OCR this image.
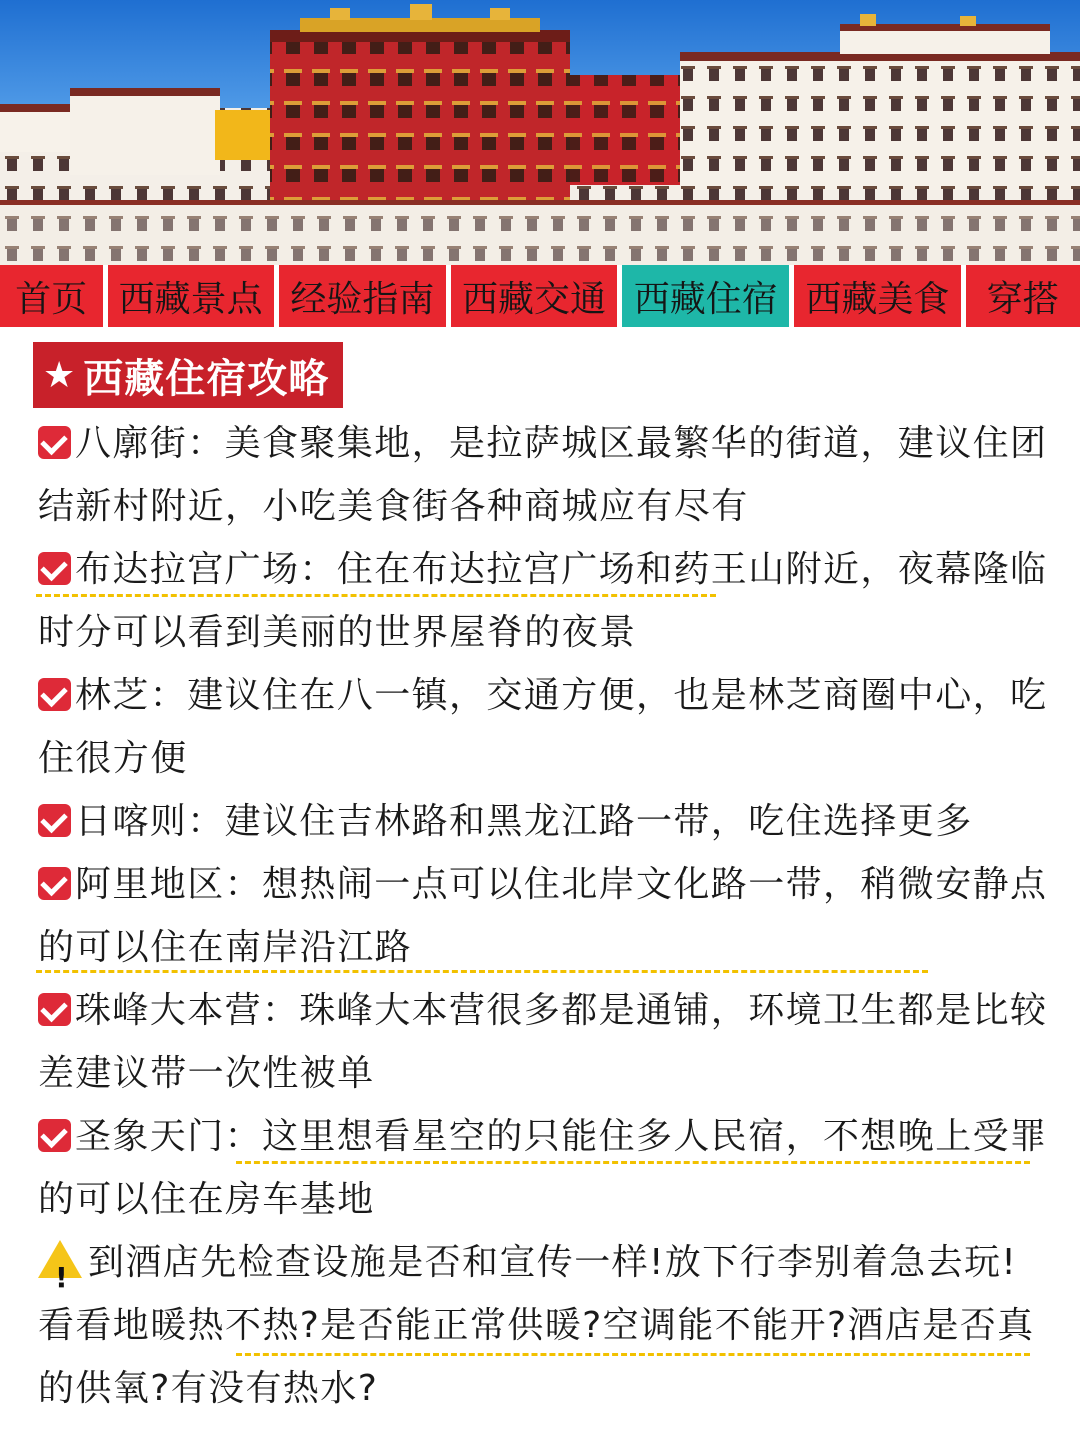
首页 西藏景点 经验指南 西藏交通 西藏住宿 西藏美食	穿搭
★ 西藏住宿攻略

八廓街：美食聚集地，是拉萨城区最繁华的街道，建议住团结新村附近，小吃美食街各种商城应有尽有

布达拉宫广场：住在布达拉宫广场和药王山附近，夜幕隆临时分可以看到美丽的世界屋脊的夜景

林芝：建议住在八一镇，交通方便，也是林芝商圈中心，吃住很方便

日喀则：建议住吉林路和黑龙江路一带，吃住选择更多

阿里地区：想热闹一点可以住北岸文化路一带，稍微安静点的可以住在南岸沿江路

珠峰大本营：珠峰大本营很多都是通铺，环境卫生都是比较差建议带一次性被单

圣象天门：这里想看星空的只能住多人民宿，不想晚上受罪的可以住在房车基地

!到酒店先检查设施是否和宣传一样!放下行李别着急去玩!看看地暖热不热?是否能正常供暖?空调能不能开?酒店是否真的供氧?有没有热水?
